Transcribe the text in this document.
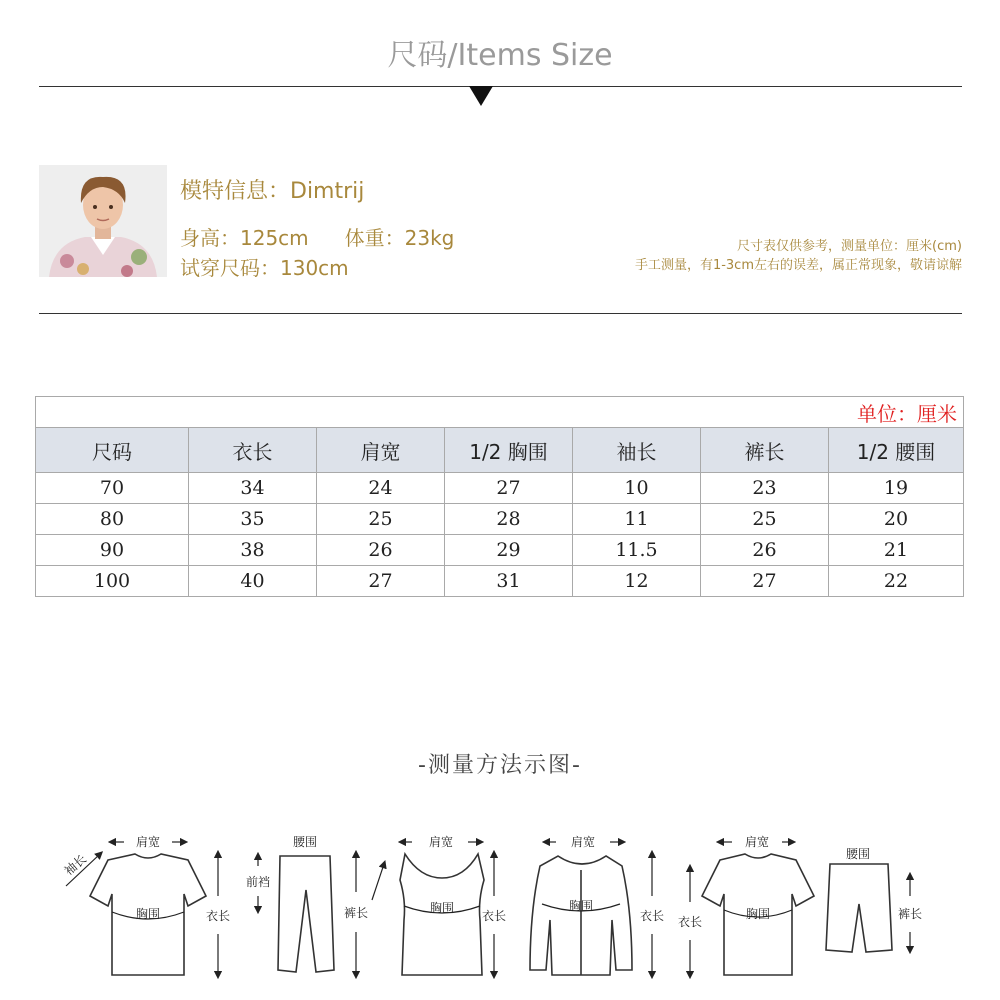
尺码/Items Size
模特信息：Dimtrij
身高：125cm 体重：23kg
试穿尺码：130cm
尺寸表仅供参考，测量单位：厘米(cm)
手工测量，有1-3cm左右的误差，属正常现象，敬请谅解
单位：厘米						
尺码	衣长	肩宽	1/2 胸围	袖长	裤长	1/2 腰围
70	34	24	27	10	23	19
80	35	25	28	11	25	20
90	38	26	29	11.5	26	21
100	40	27	31	12	27	22
-测量方法示图-
肩宽
胸围
袖长
衣长
腰围
前裆
裤长
肩宽
胸围
衣长
肩宽
胸围
衣长
肩宽
胸围
衣长
腰围
裤长
